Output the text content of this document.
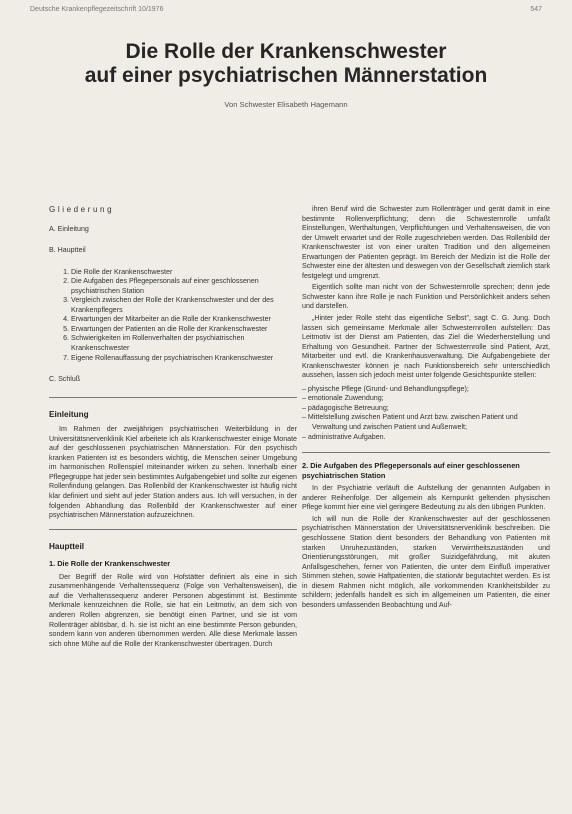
Deutsche Krankenpflegezeitschrift 10/1976	547
Die Rolle der Krankenschwester
auf einer psychiatrischen Männerstation
Von Schwester Elisabeth Hagemann
Gliederung
A. Einleitung
B. Hauptteil
1. Die Rolle der Krankenschwester
2. Die Aufgaben des Pflegepersonals auf einer geschlossenen psychiatrischen Station
3. Vergleich zwischen der Rolle der Krankenschwester und der des Krankenpflegers
4. Erwartungen der Mitarbeiter an die Rolle der Krankenschwester
5. Erwartungen der Patienten an die Rolle der Krankenschwester
6. Schwierigkeiten im Rollenverhalten der psychiatrischen Krankenschwester
7. Eigene Rollenauffassung der psychiatrischen Krankenschwester
C. Schluß
Einleitung

Im Rahmen der zweijährigen psychiatrischen Weiterbildung in der Universitätsnervenklinik Kiel arbeitete ich als Krankenschwester einige Monate auf der geschlossenen psychiatrischen Männerstation. Für den psychisch kranken Patienten ist es besonders wichtig, die Menschen seiner Umgebung im harmonischen Rollenspiel miteinander wirken zu sehen. Innerhalb einer Pflegegruppe hat jeder sein bestimmtes Aufgabengebiet und sollte zur eigenen Rollenfindung gelangen. Das Rollenbild der Krankenschwester ist häufig nicht klar definiert und sieht auf jeder Station anders aus. Ich will versuchen, in der folgenden Abhandlung das Rollenbild der Krankenschwester auf einer psychiatrischen Männerstation aufzuzeichnen.

Hauptteil
1. Die Rolle der Krankenschwester

Der Begriff der Rolle wird von Hofstätter definiert als eine in sich zusammenhängende Verhaltenssequenz (Folge von Verhaltensweisen), die auf die Verhaltenssequenz anderer Personen abgestimmt ist. Bestimmte Merkmale kennzeichnen die Rolle, sie hat ein Leitmotiv, an dem sich von anderen Rollen abgrenzen, sie benötigt einen Partner, und sie ist vom Rollenträger ablösbar, d. h. sie ist nicht an eine bestimmte Person gebunden, sondern kann von anderen übernommen werden. Alle diese Merkmale lassen sich ohne Mühe auf die Rolle der Krankenschwester übertragen. Durch

ihren Beruf wird die Schwester zum Rollenträger und gerät damit in eine bestimmte Rollenverpflichtung; denn die Schwesternrolle umfaßt Einstellungen, Werthaltungen, Verpflichtungen und Verhaltensweisen, die von der Umwelt erwartet und der Rolle zugeschrieben werden. Das Rollenbild der Krankenschwester ist von einer uralten Tradition und den allgemeinen Erwartungen der Patienten geprägt. Im Bereich der Medizin ist die Rolle der Schwester eine der ältesten und deswegen von der Gesellschaft ziemlich stark festgelegt und umgrenzt.

Eigentlich sollte man nicht von der Schwesternrolle sprechen; denn jede Schwester kann ihre Rolle je nach Funktion und Persönlichkeit anders sehen und darstellen.

„Hinter jeder Rolle steht das eigentliche Selbst", sagt C. G. Jung. Doch lassen sich gemeinsame Merkmale aller Schwesternrollen aufstellen: Das Leitmotiv ist der Dienst am Patienten, das Ziel die Wiederherstellung und Erhaltung von Gesundheit. Partner der Schwesternrolle sind Patient, Arzt, Mitarbeiter und evtl. die Krankenhausverwaltung. Die Aufgabengebiete der Krankenschwester können je nach Funktionsbereich sehr unterschiedlich aussehen, lassen sich jedoch meist unter folgende Gesichtspunkte stellen:

– physische Pflege (Grund- und Behandlungspflege);
– emotionale Zuwendung;
– pädagogische Betreuung;
– Mittelstellung zwischen Patient und Arzt bzw. zwischen Patient und Verwaltung und zwischen Patient und Außenwelt;
– administrative Aufgaben.
2. Die Aufgaben des Pflegepersonals auf einer geschlossenen psychiatrischen Station

In der Psychiatrie verläuft die Aufstellung der genannten Aufgaben in anderer Reihenfolge. Der allgemein als Kernpunkt geltenden physischen Pflege kommt hier eine viel geringere Bedeutung zu als den übrigen Punkten.

Ich will nun die Rolle der Krankenschwester auf der geschlossenen psychiatrischen Männerstation der Universitätsnervenklinik beschreiben. Die geschlossene Station dient besonders der Behandlung von Patienten mit starken Unruhezuständen, starken Verwirrtheitszuständen und Orientierungsstörungen, mit großer Suizidgefährdung, mit akuten Anfallsgeschehen, ferner von Patienten, die unter dem Einfluß imperativer Stimmen stehen, sowie Haftpatienten, die stationär begutachtet werden. Es ist in diesem Rahmen nicht möglich, alle vorkommenden Krankheitsbilder zu schildern; jedenfalls handelt es sich im allgemeinen um Patienten, die einer besonders umfassenden Beobachtung und Auf-
